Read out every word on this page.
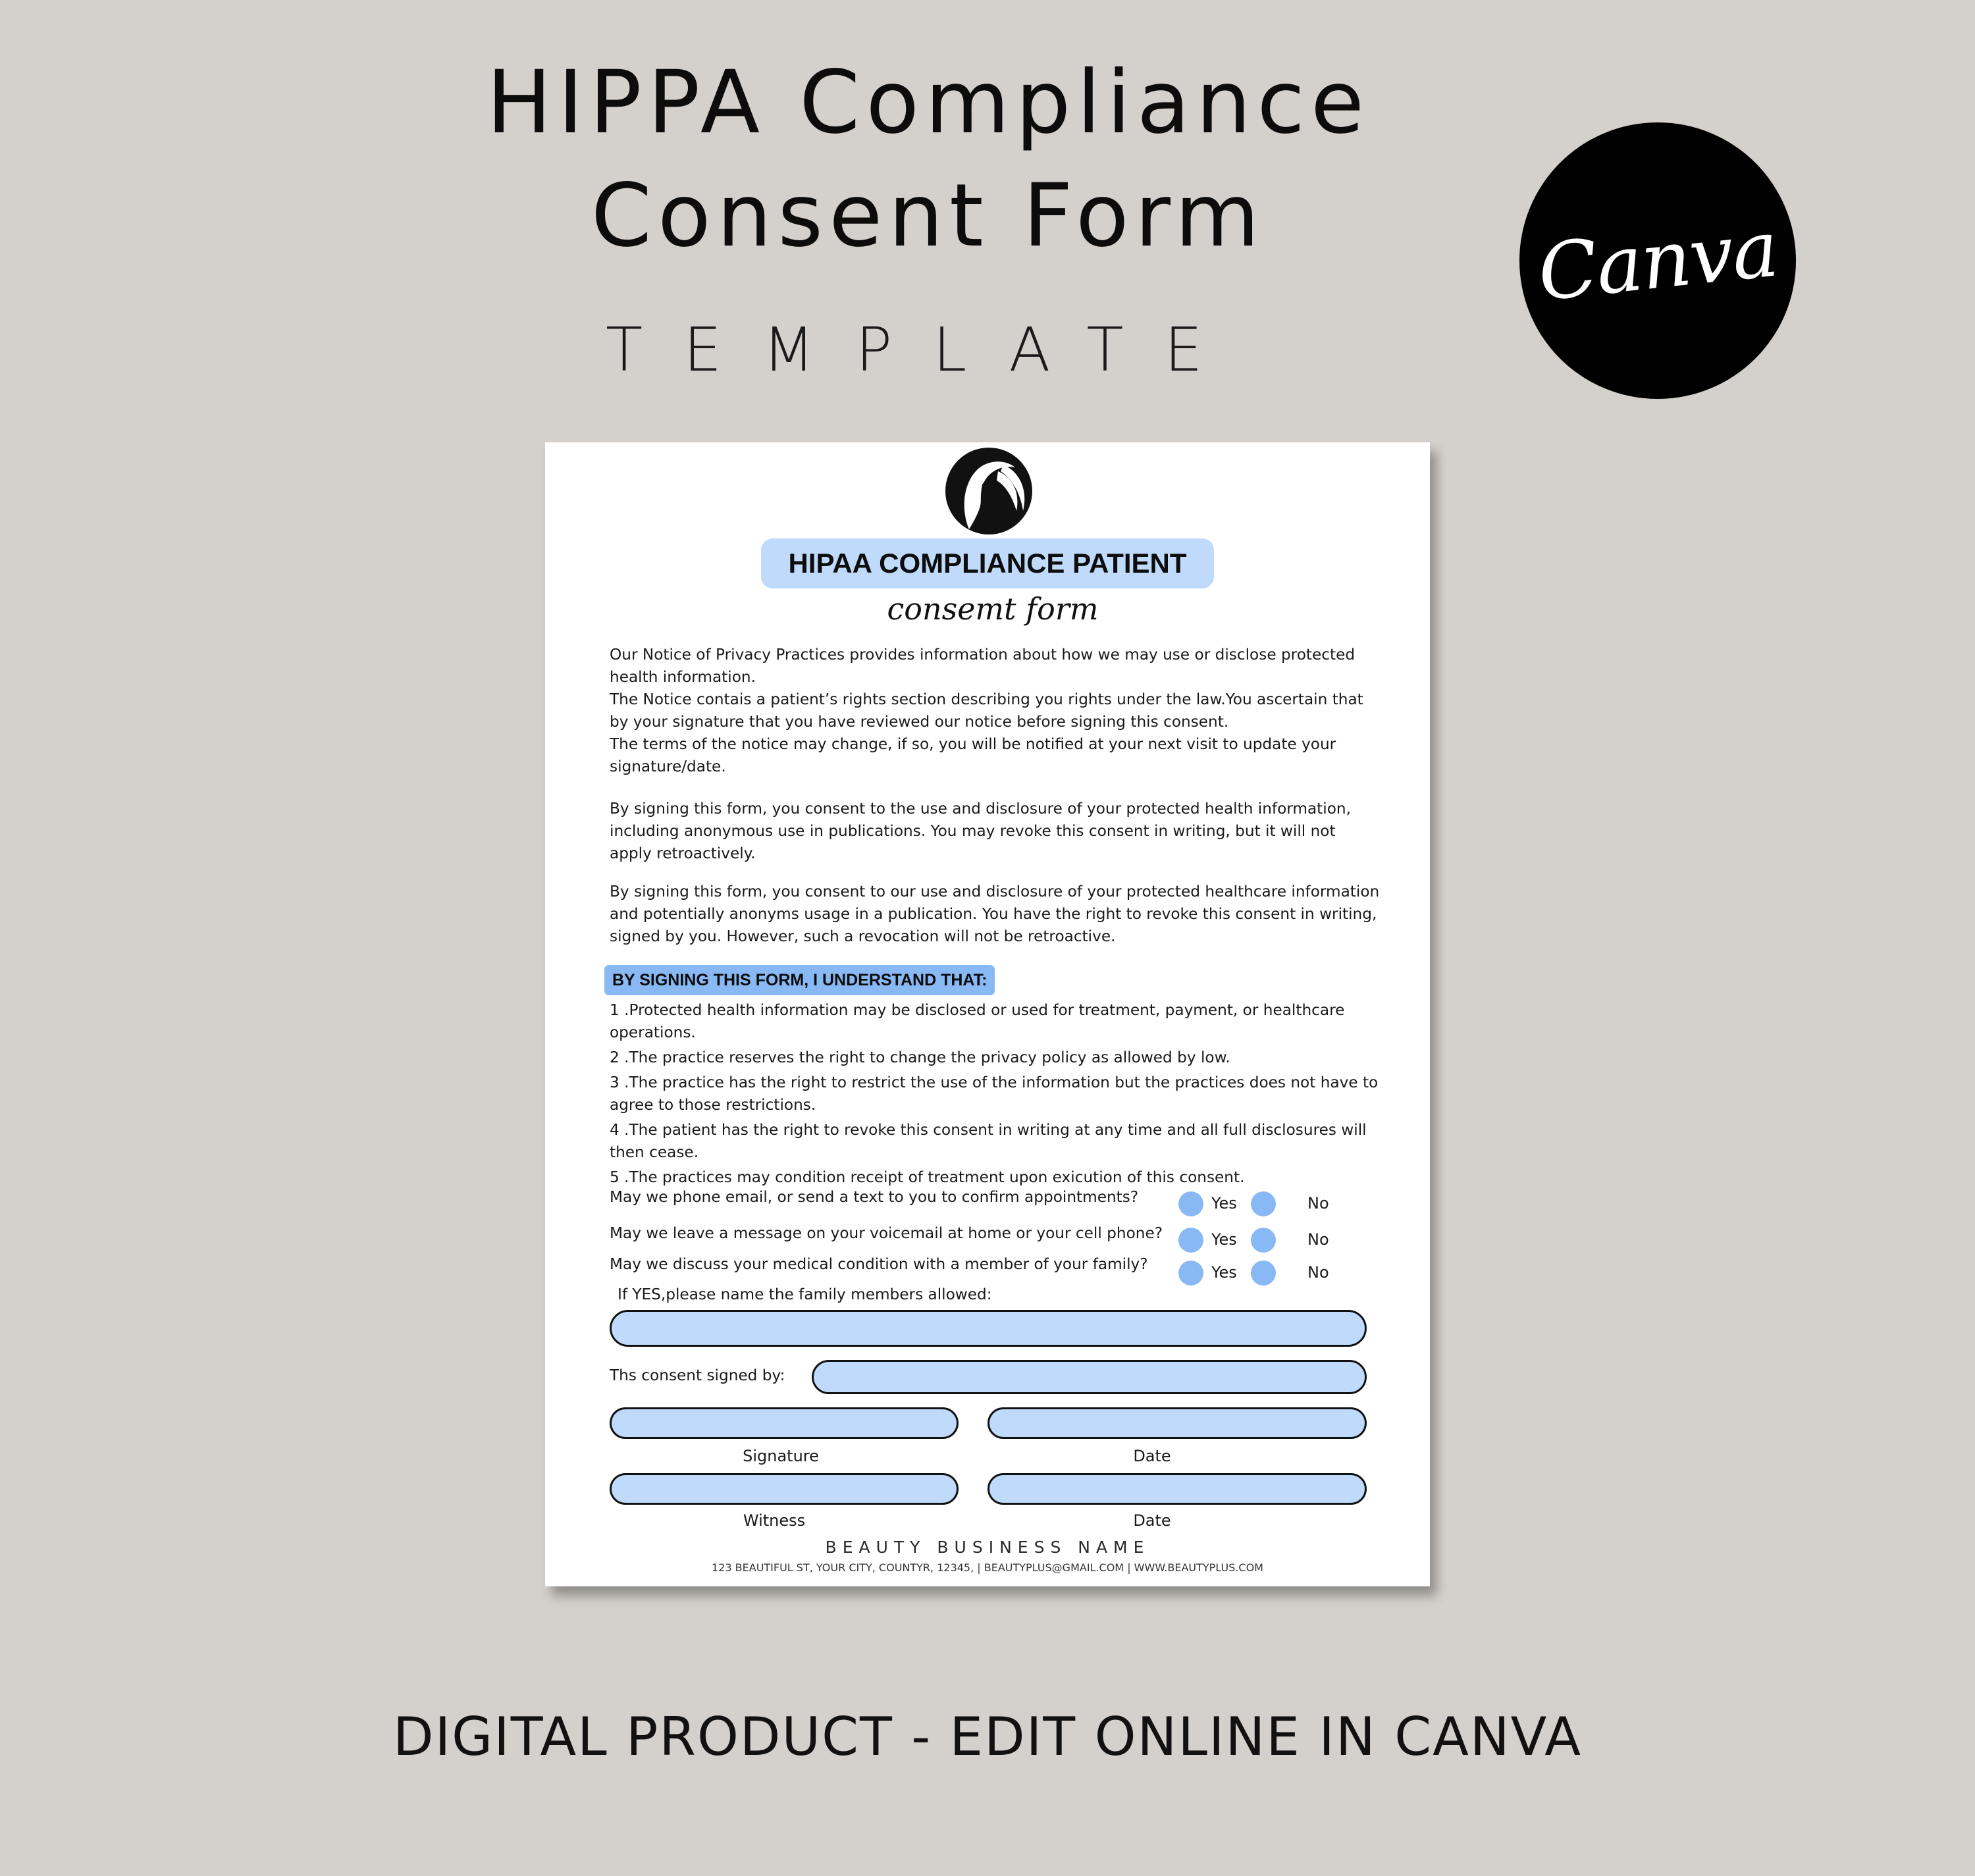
HIPPA Compliance
Consent Form
TEMPLATE
Canva
HIPAA COMPLIANCE PATIENT
consemt form

Our Notice of Privacy Practices provides information about how we may use or disclose protected health information.

The Notice contais a patient’s rights section describing you rights under the law.You ascertain that by your signature that you have reviewed our notice before signing this consent.

The terms of the notice may change, if so, you will be notified at your next visit to update your signature/date.

By signing this form, you consent to the use and disclosure of your protected health information, including anonymous use in publications. You may revoke this consent in writing, but it will not apply retroactively.
By signing this form, you consent to our use and disclosure of your protected healthcare information and potentially anonyms usage in a publication. You have the right to revoke this consent in writing, signed by you. However, such a revocation will not be retroactive.
BY SIGNING THIS FORM, I UNDERSTAND THAT:

1 .Protected health information may be disclosed or used for treatment, payment, or healthcare operations.

2 .The practice reserves the right to change the privacy policy as allowed by low.

3 .The practice has the right to restrict the use of the information but the practices does not have to agree to those restrictions.

4 .The patient has the right to revoke this consent in writing at any time and all full disclosures will then cease.

5 .The practices may condition receipt of treatment upon exicution of this consent.

May we phone email, or send a text to you to confirm appointments?	Yes	No
May we leave a message on your voicemail at home or your cell phone?	Yes	No
May we discuss your medical condition with a member of your family?	Yes	No
If YES,please name the family members allowed:
Ths consent signed by:
Signature	Date
Witness	Date
BEAUTY BUSINESS NAME
123 BEAUTIFUL ST, YOUR CITY, COUNTYR, 12345, | BEAUTYPLUS@GMAIL.COM | WWW.BEAUTYPLUS.COM
DIGITAL PRODUCT - EDIT ONLINE IN CANVA
